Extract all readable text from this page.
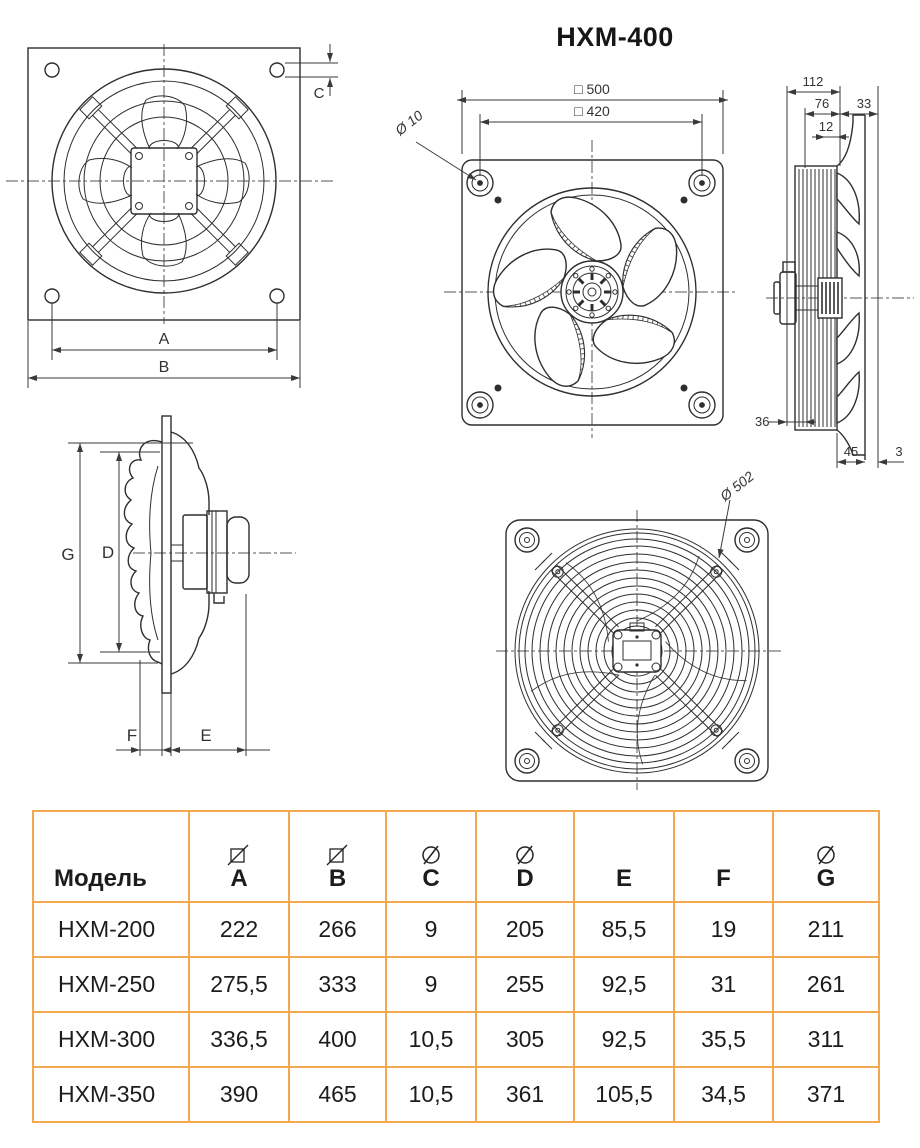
HXM-400
A
B
C	□ 500
□ 420
Ø 10
112
76 33
12
36
45	3
G D
F	E
Ø 502
Модель	A	B	C	D	E	F	G

HXM-200	222	266	9	205	85,5	19	211
HXM-250	275,5	333	9	255	92,5	31	261
HXM-300	336,5	400	10,5	305	92,5	35,5	311
HXM-350	390	465	10,5	361	105,5	34,5	371
